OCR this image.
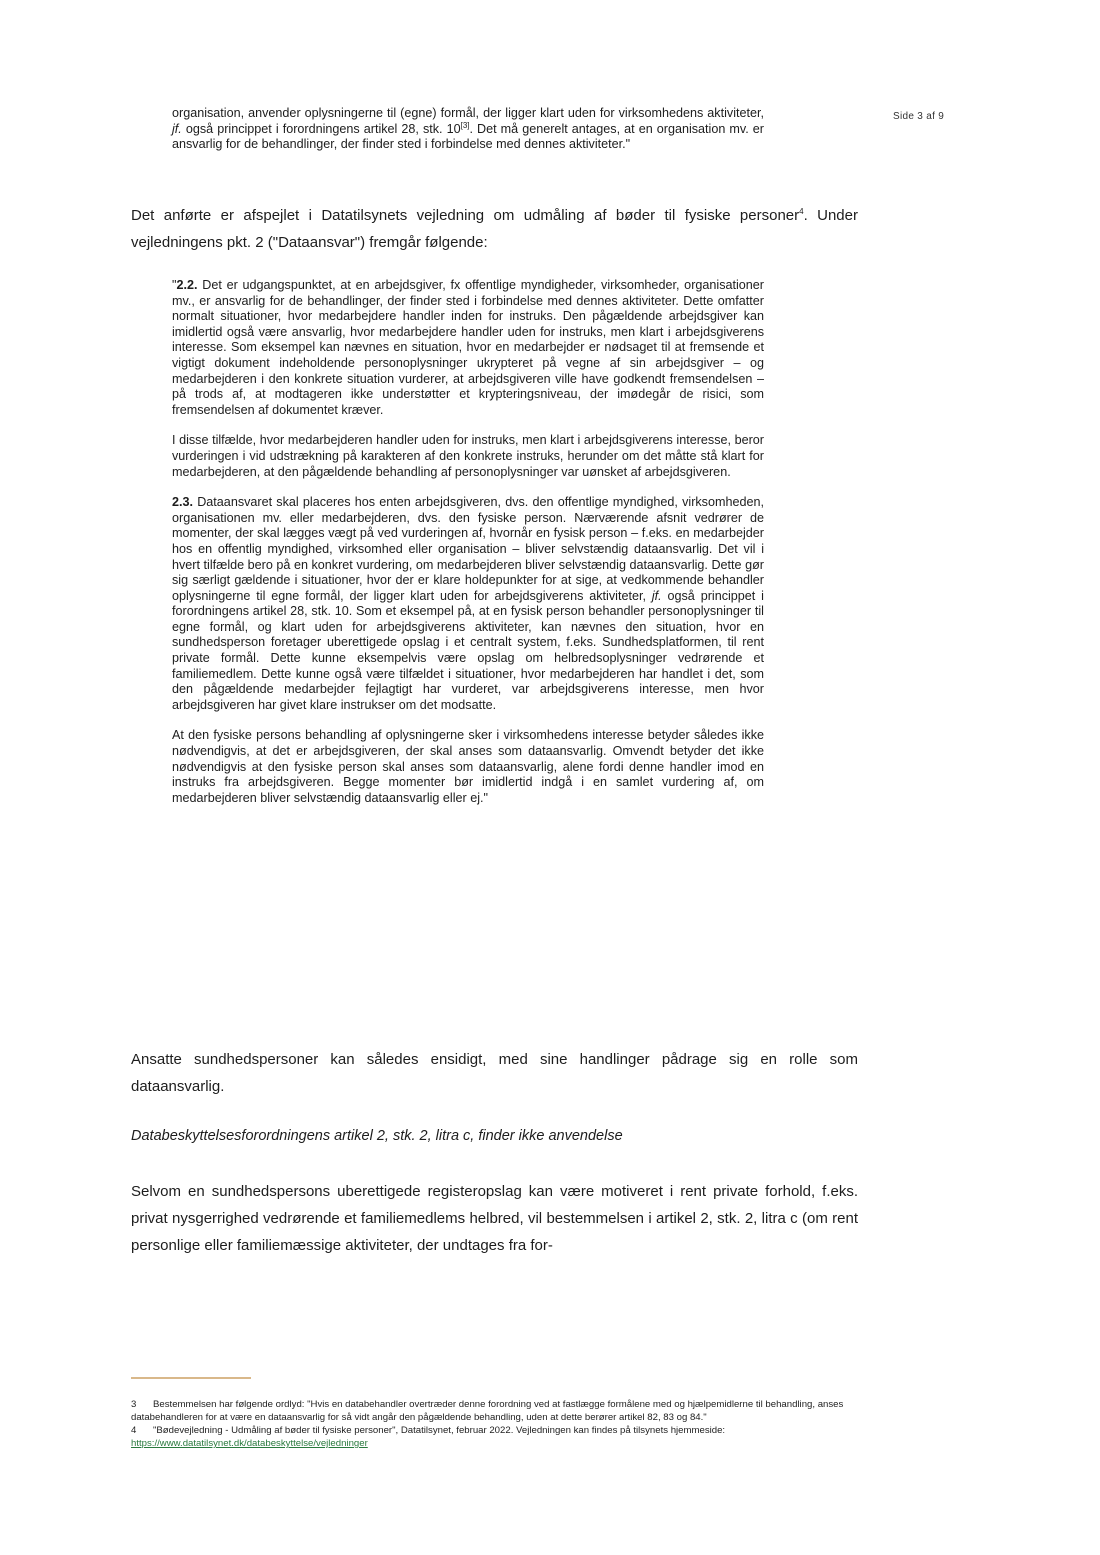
Side 3 af 9

organisation, anvender oplysningerne til (egne) formål, der ligger klart uden for virksomhedens aktiviteter, jf. også princippet i forordningens artikel 28, stk. 10[3]. Det må generelt antages, at en organisation mv. er ansvarlig for de behandlinger, der finder sted i forbindelse med dennes aktiviteter."

Det anførte er afspejlet i Datatilsynets vejledning om udmåling af bøder til fysiske personer$^4$. Under vejledningens pkt. 2 ("Dataansvar") fremgår følgende:

"2.2. Det er udgangspunktet, at en arbejdsgiver, fx offentlige myndigheder, virksomheder, organisationer mv., er ansvarlig for de behandlinger, der finder sted i forbindelse med dennes aktiviteter. Dette omfatter normalt situationer, hvor medarbejdere handler inden for instruks. Den pågældende arbejdsgiver kan imidlertid også være ansvarlig, hvor medarbejdere handler uden for instruks, men klart i arbejdsgiverens interesse. Som eksempel kan nævnes en situation, hvor en medarbejder er nødsaget til at fremsende et vigtigt dokument indeholdende personoplysninger ukrypteret på vegne af sin arbejdsgiver – og medarbejderen i den konkrete situation vurderer, at arbejdsgiveren ville have godkendt fremsendelsen – på trods af, at modtageren ikke understøtter et krypteringsniveau, der imødegår de risici, som fremsendelsen af dokumentet kræver.

I disse tilfælde, hvor medarbejderen handler uden for instruks, men klart i arbejdsgiverens interesse, beror vurderingen i vid udstrækning på karakteren af den konkrete instruks, herunder om det måtte stå klart for medarbejderen, at den pågældende behandling af personoplysninger var uønsket af arbejdsgiveren.

2.3. Dataansvaret skal placeres hos enten arbejdsgiveren, dvs. den offentlige myndighed, virksomheden, organisationen mv. eller medarbejderen, dvs. den fysiske person. Nærværende afsnit vedrører de momenter, der skal lægges vægt på ved vurderingen af, hvornår en fysisk person – f.eks. en medarbejder hos en offentlig myndighed, virksomhed eller organisation – bliver selvstændig dataansvarlig. Det vil i hvert tilfælde bero på en konkret vurdering, om medarbejderen bliver selvstændig dataansvarlig. Dette gør sig særligt gældende i situationer, hvor der er klare holdepunkter for at sige, at vedkommende behandler oplysningerne til egne formål, der ligger klart uden for arbejdsgiverens aktiviteter, jf. også princippet i forordningens artikel 28, stk. 10. Som et eksempel på, at en fysisk person behandler personoplysninger til egne formål, og klart uden for arbejdsgiverens aktiviteter, kan nævnes den situation, hvor en sundhedsperson foretager uberettigede opslag i et centralt system, f.eks. Sundhedsplatformen, til rent private formål. Dette kunne eksempelvis være opslag om helbredsoplysninger vedrørende et familiemedlem. Dette kunne også være tilfældet i situationer, hvor medarbejderen har handlet i det, som den pågældende medarbejder fejlagtigt har vurderet, var arbejdsgiverens interesse, men hvor arbejdsgiveren har givet klare instrukser om det modsatte.

At den fysiske persons behandling af oplysningerne sker i virksomhedens interesse betyder således ikke nødvendigvis, at det er arbejdsgiveren, der skal anses som dataansvarlig. Omvendt betyder det ikke nødvendigvis at den fysiske person skal anses som dataansvarlig, alene fordi denne handler imod en instruks fra arbejdsgiveren. Begge momenter bør imidlertid indgå i en samlet vurdering af, om medarbejderen bliver selvstændig dataansvarlig eller ej."

Ansatte sundhedspersoner kan således ensidigt, med sine handlinger pådrage sig en rolle som dataansvarlig.

Databeskyttelsesforordningens artikel 2, stk. 2, litra c, finder ikke anvendelse

Selvom en sundhedspersons uberettigede registeropslag kan være motiveret i rent private forhold, f.eks. privat nysgerrighed vedrørende et familiemedlems helbred, vil bestemmelsen i artikel 2, stk. 2, litra c (om rent personlige eller familiemæssige aktiviteter, der undtages fra for-

3 Bestemmelsen har følgende ordlyd: "Hvis en databehandler overtræder denne forordning ved at fastlægge formålene med og hjælpemidlerne til behandling, anses databehandleren for at være en dataansvarlig for så vidt angår den pågældende behandling, uden at dette berører artikel 82, 83 og 84."

4 "Bødevejledning - Udmåling af bøder til fysiske personer", Datatilsynet, februar 2022. Vejledningen kan findes på tilsynets hjemmeside: https://www.datatilsynet.dk/databeskyttelse/vejledninger
